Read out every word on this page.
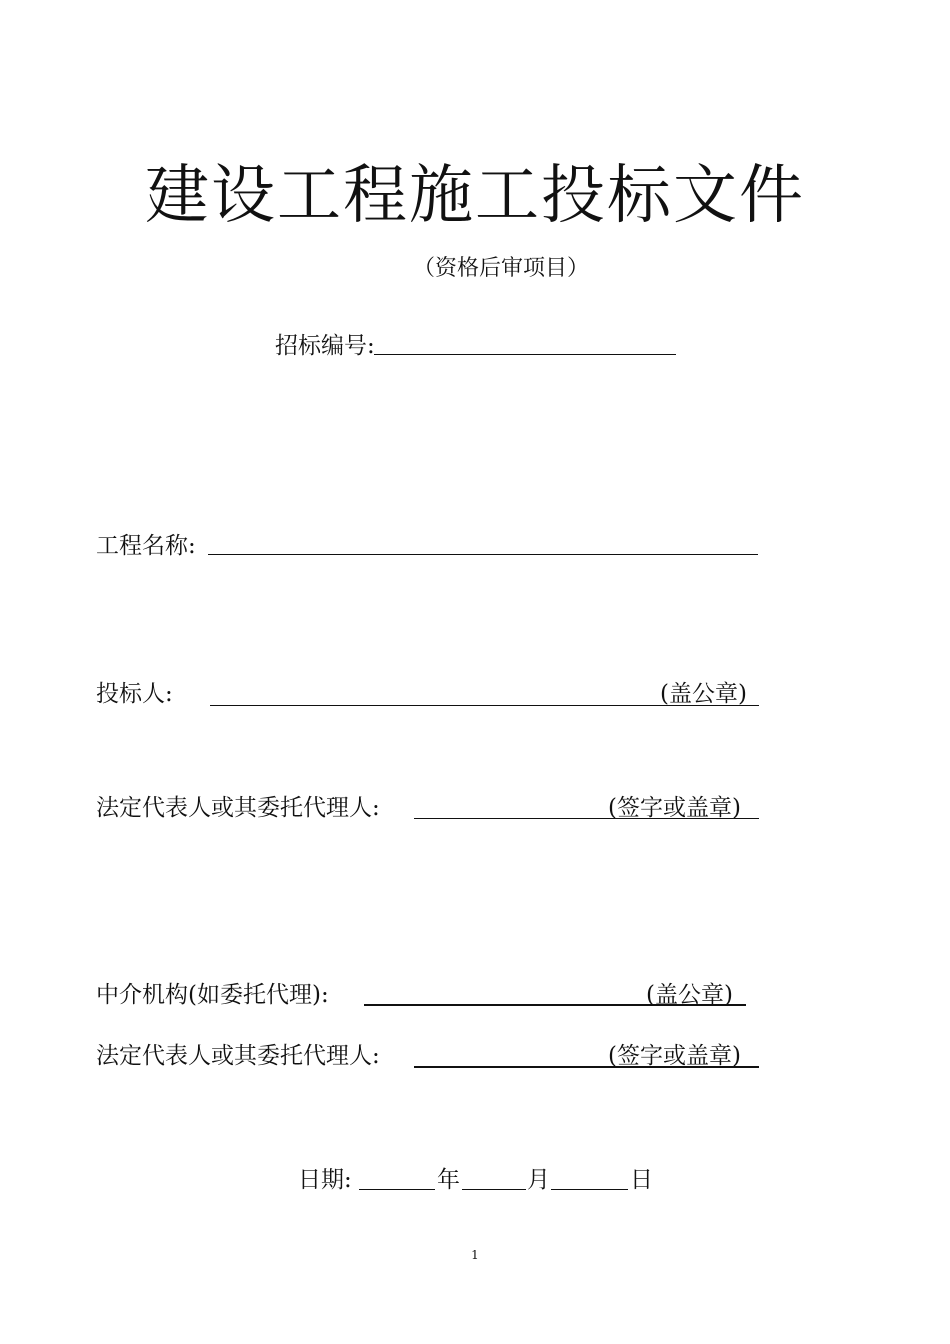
建设工程施工投标文件
（资格后审项目）
招标编号:
工程名称:
投标人:	(盖公章)
法定代表人或其委托代理人:	(签字或盖章)
中介机构(如委托代理):	(盖公章)
法定代表人或其委托代理人:	(签字或盖章)
日期:	年	月	日
1
